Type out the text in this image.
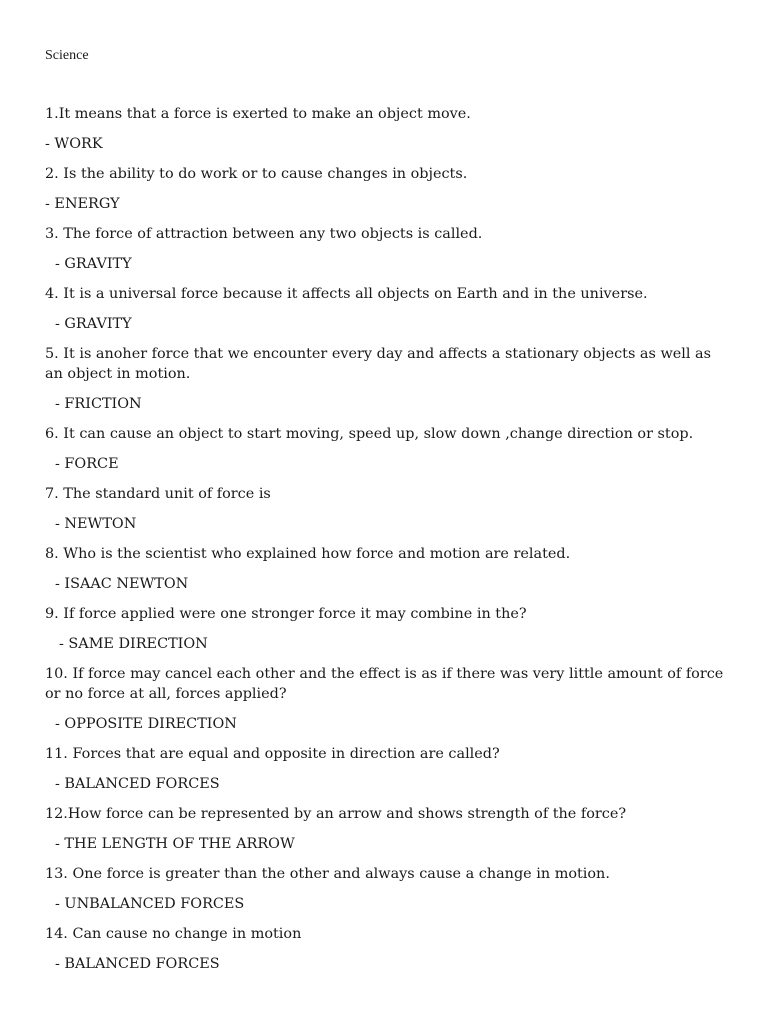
Science

1.It means that a force is exerted to make an object move.

- WORK

2. Is the ability to do work or to cause changes in objects.

- ENERGY

3. The force of attraction between any two objects is called.

- GRAVITY

4. It is a universal force because it affects all objects on Earth and in the universe.

- GRAVITY

5. It is anoher force that we encounter every day and affects a stationary objects as well as an object in motion.

- FRICTION

6. It can cause an object to start moving, speed up, slow down ,change direction or stop.

- FORCE

7. The standard unit of force is

- NEWTON

8. Who is the scientist who explained how force and motion are related.

- ISAAC NEWTON

9. If force applied were one stronger force it may combine in the?

- SAME DIRECTION

10. If force may cancel each other and the effect is as if there was very little amount of force or no force at all, forces applied?

- OPPOSITE DIRECTION

11. Forces that are equal and opposite in direction are called?

- BALANCED FORCES

12.How force can be represented by an arrow and shows strength of the force?

- THE LENGTH OF THE ARROW

13. One force is greater than the other and always cause a change in motion.

- UNBALANCED FORCES

14. Can cause no change in motion

- BALANCED FORCES
